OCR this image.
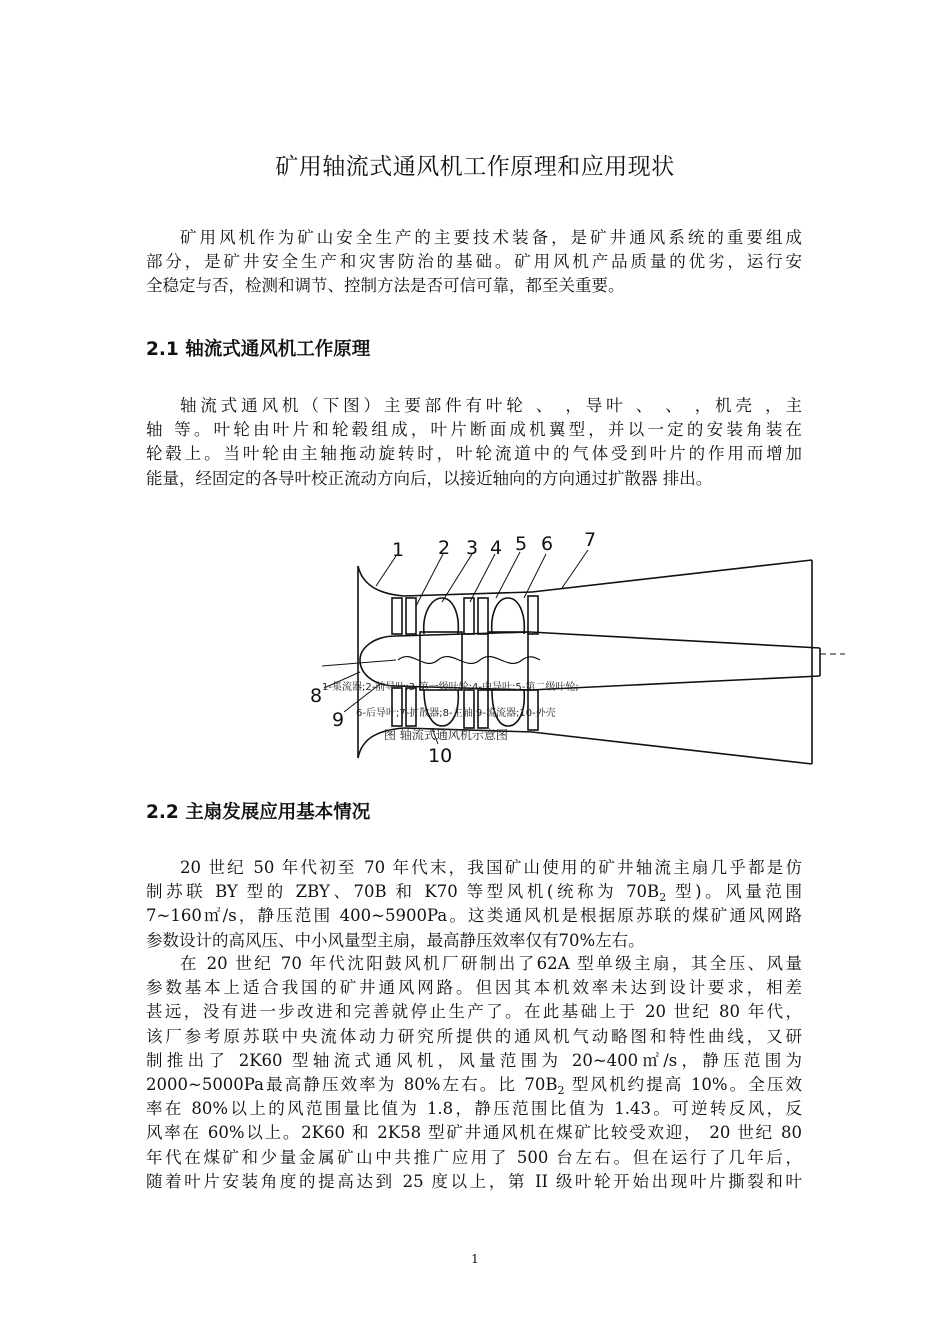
矿用轴流式通风机工作原理和应用现状
矿用风机作为矿山安全生产的主要技术装备，是矿井通风系统的重要组成
部分，是矿井安全生产和灾害防治的基础。矿用风机产品质量的优劣，运行安
全稳定与否，检测和调节、控制方法是否可信可靠，都至关重要。
2.1 轴流式通风机工作原理
轴流式通风机（下图）主要部件有叶轮 、 ，导叶 、 、 ，机壳 ，主
轴 等。叶轮由叶片和轮毂组成，叶片断面成机翼型，并以一定的安装角装在
轮毂上。当叶轮由主轴拖动旋转时，叶轮流道中的气体受到叶片的作用而增加
能量，经固定的各导叶校正流动方向后，以接近轴向的方向通过扩散器 排出。
1 2 3 4 5 6 7
8
9
10
1-集流器;2-前导叶;3-第一级叶轮;4-中导叶;5-第二级叶轮;
6-后导叶;7-扩散器;8-主轴;9-流流器;10-外壳
图 轴流式通风机示意图
2.2 主扇发展应用基本情况
20 世纪 50 年代初至 70 年代末，我国矿山使用的矿井轴流主扇几乎都是仿
制苏联 BY 型的 ZBY、70B 和 K70 等型风机(统称为 $70B_2$ 型)。风量范围
7~160㎡/s，静压范围 400~5900Pa。这类通风机是根据原苏联的煤矿通风网路
参数设计的高风压、中小风量型主扇，最高静压效率仅有70%左右。
在 20 世纪 70 年代沈阳鼓风机厂研制出了62A 型单级主扇，其全压、风量
参数基本上适合我国的矿井通风网路。但因其本机效率未达到设计要求，相差
甚远，没有进一步改进和完善就停止生产了。在此基础上于 20 世纪 80 年代，
该厂参考原苏联中央流体动力研究所提供的通风机气动略图和特性曲线，又研
制推出了 2K60 型轴流式通风机，风量范围为 20~400㎡/s，静压范围为
2000~5000Pa最高静压效率为 80%左右。比 $70B_2$ 型风机约提高 10%。全压效
率在 80%以上的风范围量比值为 1.8，静压范围比值为 1.43。可逆转反风，反
风率在 60%以上。2K60 和 2K58 型矿井通风机在煤矿比较受欢迎， 20 世纪 80
年代在煤矿和少量金属矿山中共推广应用了 500 台左右。但在运行了几年后，
随着叶片安装角度的提高达到 25 度以上，第 II 级叶轮开始出现叶片撕裂和叶
1
